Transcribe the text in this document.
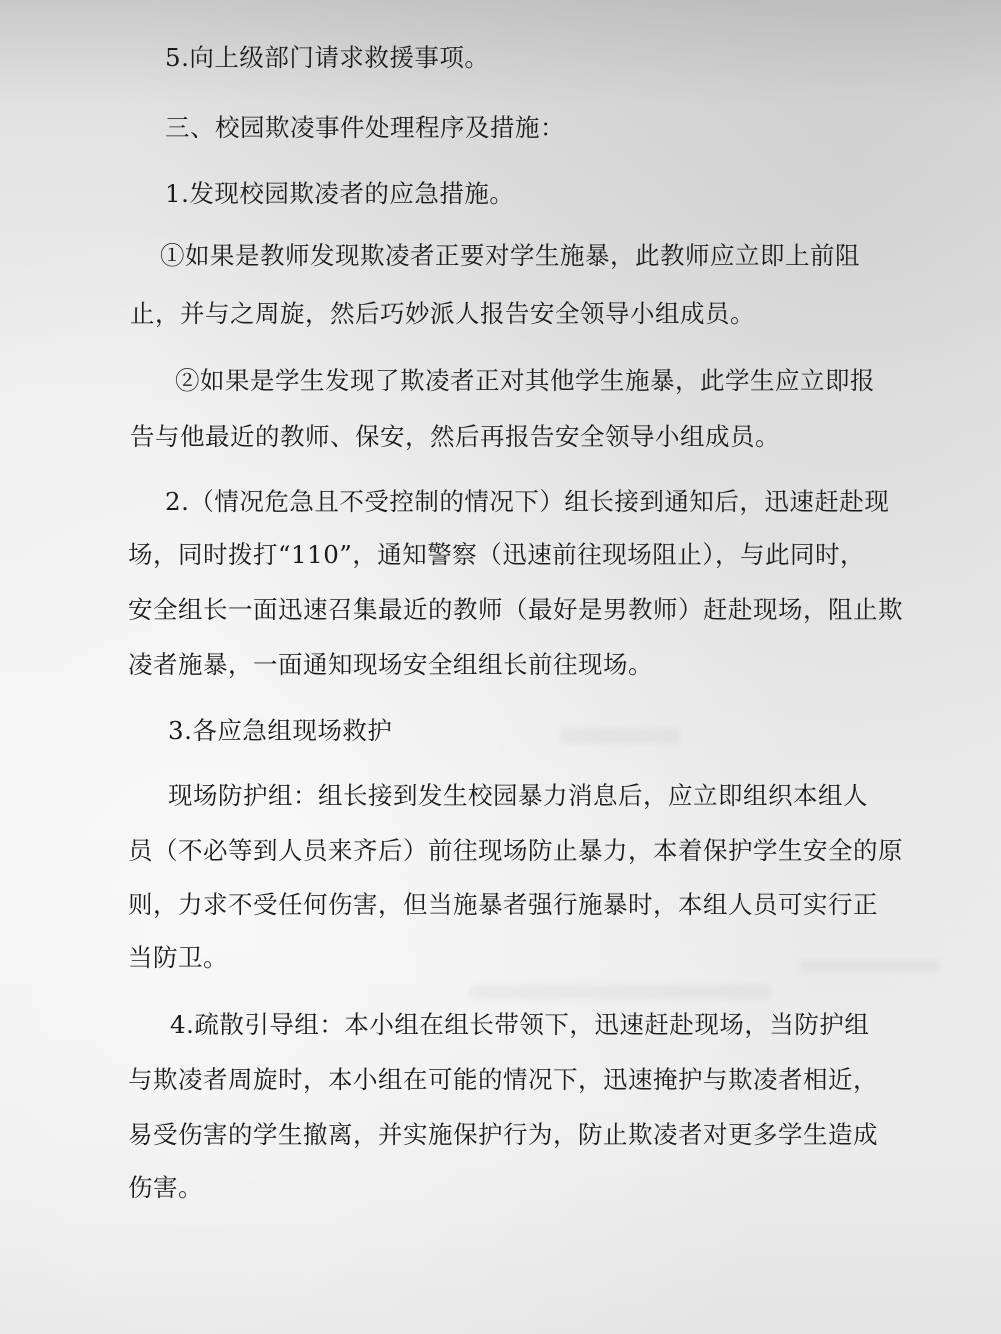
5.向上级部门请求救援事项。
三、校园欺凌事件处理程序及措施：
1.发现校园欺凌者的应急措施。
①如果是教师发现欺凌者正要对学生施暴，此教师应立即上前阻
止，并与之周旋，然后巧妙派人报告安全领导小组成员。
②如果是学生发现了欺凌者正对其他学生施暴，此学生应立即报
告与他最近的教师、保安，然后再报告安全领导小组成员。
2.（情况危急且不受控制的情况下）组长接到通知后，迅速赶赴现
场，同时拨打“110”，通知警察（迅速前往现场阻止），与此同时，
安全组长一面迅速召集最近的教师（最好是男教师）赶赴现场，阻止欺
凌者施暴，一面通知现场安全组组长前往现场。
3.各应急组现场救护
现场防护组：组长接到发生校园暴力消息后，应立即组织本组人
员（不必等到人员来齐后）前往现场防止暴力，本着保护学生安全的原
则，力求不受任何伤害，但当施暴者强行施暴时，本组人员可实行正
当防卫。
4.疏散引导组：本小组在组长带领下，迅速赶赴现场，当防护组
与欺凌者周旋时，本小组在可能的情况下，迅速掩护与欺凌者相近，
易受伤害的学生撤离，并实施保护行为，防止欺凌者对更多学生造成
伤害。
